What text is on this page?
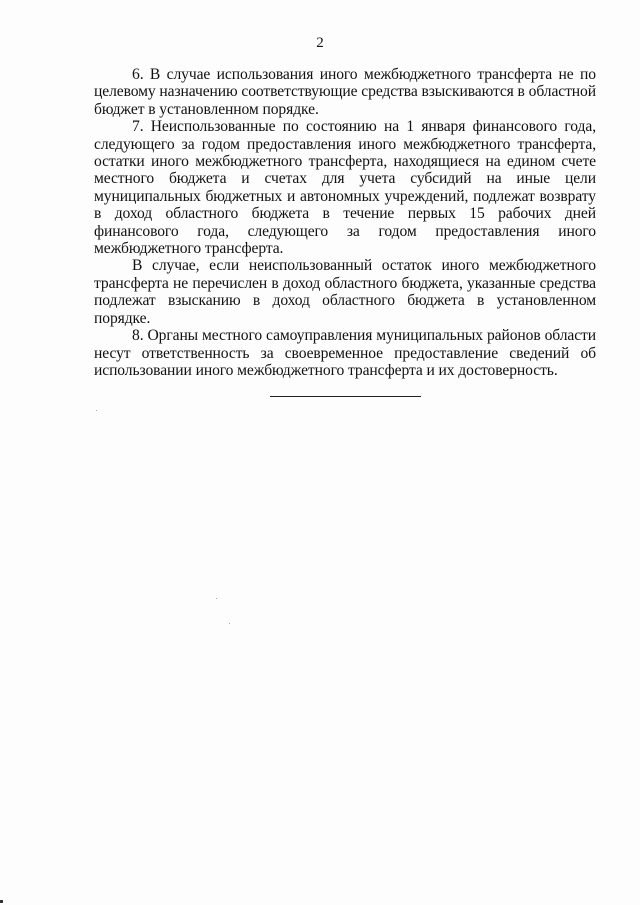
2

6. В случае использования иного межбюджетного трансферта не по целевому назначению соответствующие средства взыскиваются в областной бюджет в установленном порядке.

7. Неиспользованные по состоянию на 1 января финансового года, следующего за годом предоставления иного межбюджетного трансферта, остатки иного межбюджетного трансферта, находящиеся на едином счете местного бюджета и счетах для учета субсидий на иные цели муниципальных бюджетных и автономных учреждений, подлежат возврату в доход областного бюджета в течение первых 15 рабочих дней финансового года, следующего за годом предоставления иного межбюджетного трансферта.

В случае, если неиспользованный остаток иного межбюджетного трансферта не перечислен в доход областного бюджета, указанные средства подлежат взысканию в доход областного бюджета в установленном порядке.

8. Органы местного самоуправления муниципальных районов области несут ответственность за своевременное предоставление сведений об использовании иного межбюджетного трансферта и их достоверность.
